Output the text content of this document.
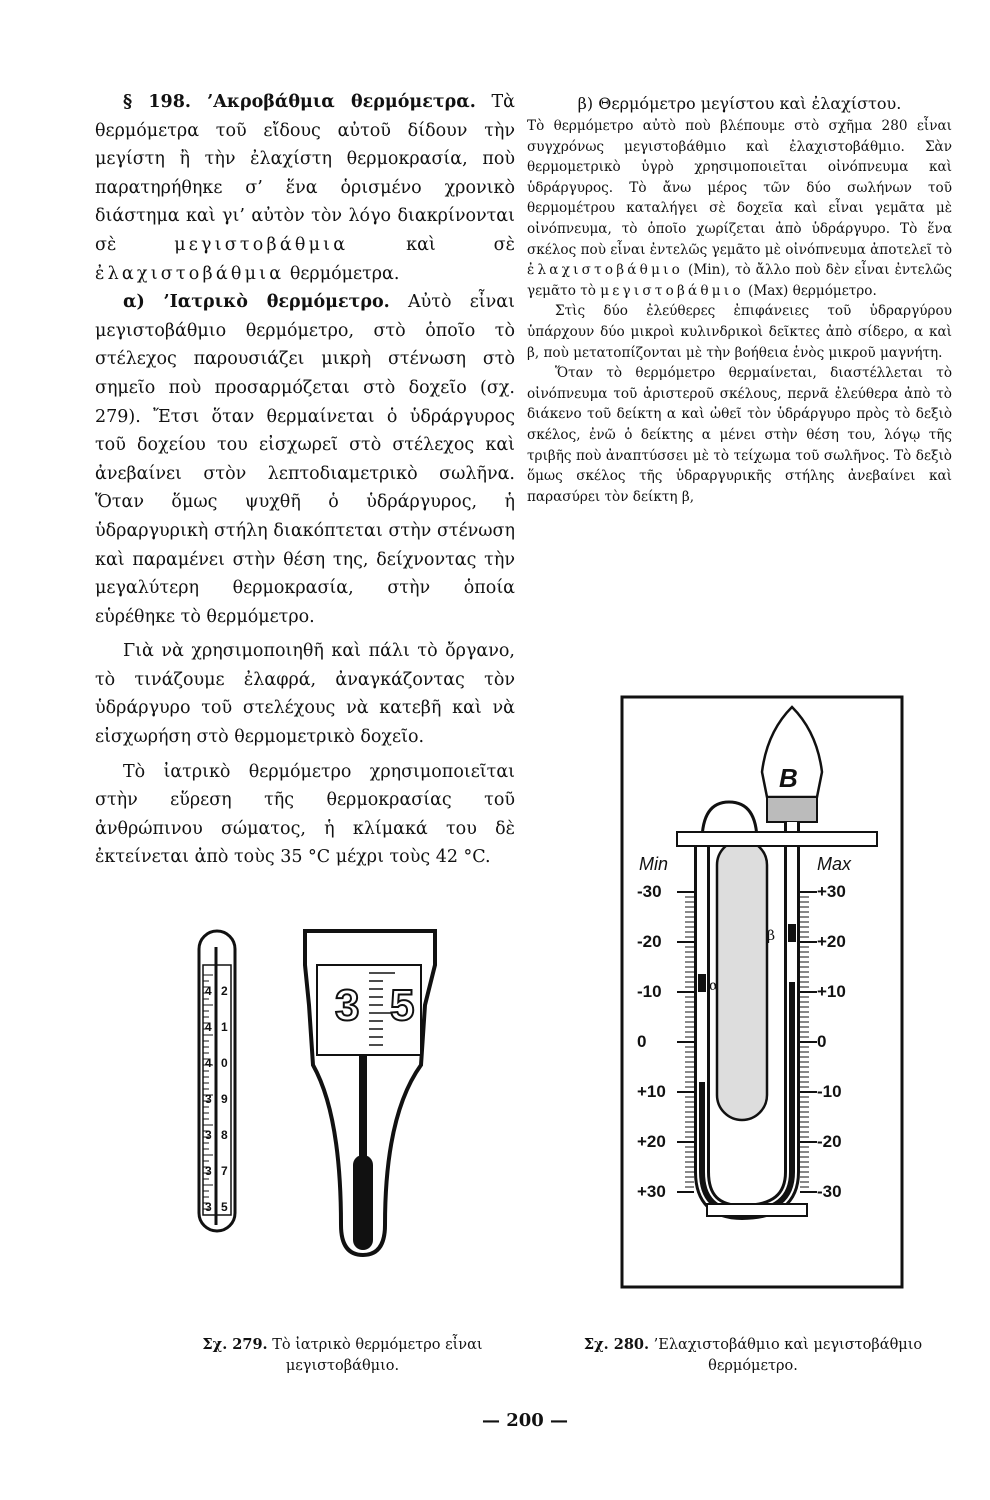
§ 198. ’Ακροβάθμια θερμόμετρα. Τὰ θερμόμετρα τοῦ εἴδους αὐτοῦ δίδουν τὴν μεγίστη ἢ τὴν ἐλαχίστη θερμοκρασία, ποὺ παρατηρήθηκε σ’ ἕνα ὁρισμένο χρονικὸ διάστημα καὶ γι’ αὐτὸν τὸν λόγο διακρίνονται σὲ μεγιστοβάθμια καὶ σὲ ἐλαχιστοβάθμια θερμόμετρα.

α) ’Ιατρικὸ θερμόμετρο. Αὐτὸ εἶναι μεγιστοβάθμιο θερμόμετρο, στὸ ὁποῖο τὸ στέλεχος παρουσιάζει μικρὴ στένωση στὸ σημεῖο ποὺ προσαρμόζεται στὸ δοχεῖο (σχ. 279). Ἔτσι ὅταν θερμαίνεται ὁ ὑδράργυρος τοῦ δοχείου του εἰσχωρεῖ στὸ στέλεχος καὶ ἀνεβαίνει στὸν λεπτοδιαμετρικὸ σωλῆνα. Ὅταν ὅμως ψυχθῆ ὁ ὑδράργυρος, ἡ ὑδραργυρικὴ στήλη διακόπτεται στὴν στένωση καὶ παραμένει στὴν θέση της, δείχνοντας τὴν μεγαλύτερη θερμοκρασία, στὴν ὁποία εὑρέθηκε τὸ θερμόμετρο.

Γιὰ νὰ χρησιμοποιηθῆ καὶ πάλι τὸ ὄργανο, τὸ τινάζουμε ἐλαφρά, ἀναγκάζοντας τὸν ὑδράργυρο τοῦ στελέχους νὰ κατεβῆ καὶ νὰ εἰσχωρήση στὸ θερμομετρικὸ δοχεῖο.

Τὸ ἰατρικὸ θερμόμετρο χρησιμοποιεῖται στὴν εὕρεση τῆς θερμοκρασίας τοῦ ἀνθρώπινου σώματος, ἡ κλίμακά του δὲ ἐκτείνεται ἀπὸ τοὺς 35 °C μέχρι τοὺς 42 °C.

β) Θερμόμετρο μεγίστου καὶ ἐλαχίστου.

Τὸ θερμόμετρο αὐτὸ ποὺ βλέπουμε στὸ σχῆμα 280 εἶναι συγχρόνως μεγιστοβάθμιο καὶ ἐλαχιστοβάθμιο. Σὰν θερμομετρικὸ ὑγρὸ χρησιμοποιεῖται οἰνόπνευμα καὶ ὑδράργυρος. Τὸ ἄνω μέρος τῶν δύο σωλήνων τοῦ θερμομέτρου καταλήγει σὲ δοχεῖα καὶ εἶναι γεμᾶτα μὲ οἰνόπνευμα, τὸ ὁποῖο χωρίζεται ἀπὸ ὑδράργυρο. Τὸ ἕνα σκέλος ποὺ εἶναι ἐντελῶς γεμᾶτο μὲ οἰνόπνευμα ἀποτελεῖ τὸ ἐλαχιστοβάθμιο (Min), τὸ ἄλλο ποὺ δὲν εἶναι ἐντελῶς γεμᾶτο τὸ μεγιστοβάθμιο (Max) θερμόμετρο.

Στὶς δύο ἐλεύθερες ἐπιφάνειες τοῦ ὑδραργύρου ὑπάρχουν δύο μικροὶ κυλινδρικοὶ δεῖκτες ἀπὸ σίδερο, α καὶ β, ποὺ μετατοπίζονται μὲ τὴν βοήθεια ἑνὸς μικροῦ μαγνήτη.

Ὅταν τὸ θερμόμετρο θερμαίνεται, διαστέλλεται τὸ οἰνόπνευμα τοῦ ἀριστεροῦ σκέλους, περνᾶ ἐλεύθερα ἀπὸ τὸ διάκενο τοῦ δείκτη α καὶ ὠθεῖ τὸν ὑδράργυρο πρὸς τὸ δεξιὸ σκέλος, ἐνῶ ὁ δείκτης α μένει στὴν θέση του, λόγῳ τῆς τριβῆς ποὺ ἀναπτύσσει μὲ τὸ τείχωμα τοῦ σωλῆνος. Τὸ δεξιὸ ὅμως σκέλος τῆς ὑδραργυρικῆς στήλης ἀνεβαίνει καὶ παρασύρει τὸν δείκτη β,

4 2
4 1
4 0
3 9
3 8
3 7
3 5
3 5
B
α
β
Min	Max
-30
-20
-10
0
+10
+20
+30
+30
+20
+10
0
-10
-20
-30
Σχ. 279. Τὸ ἰατρικὸ θερμόμετρο εἶναι μεγιστοβάθμιο.
Σχ. 280. ’Ελαχιστοβάθμιο καὶ μεγιστοβάθμιο θερμόμετρο.
— 200 —
